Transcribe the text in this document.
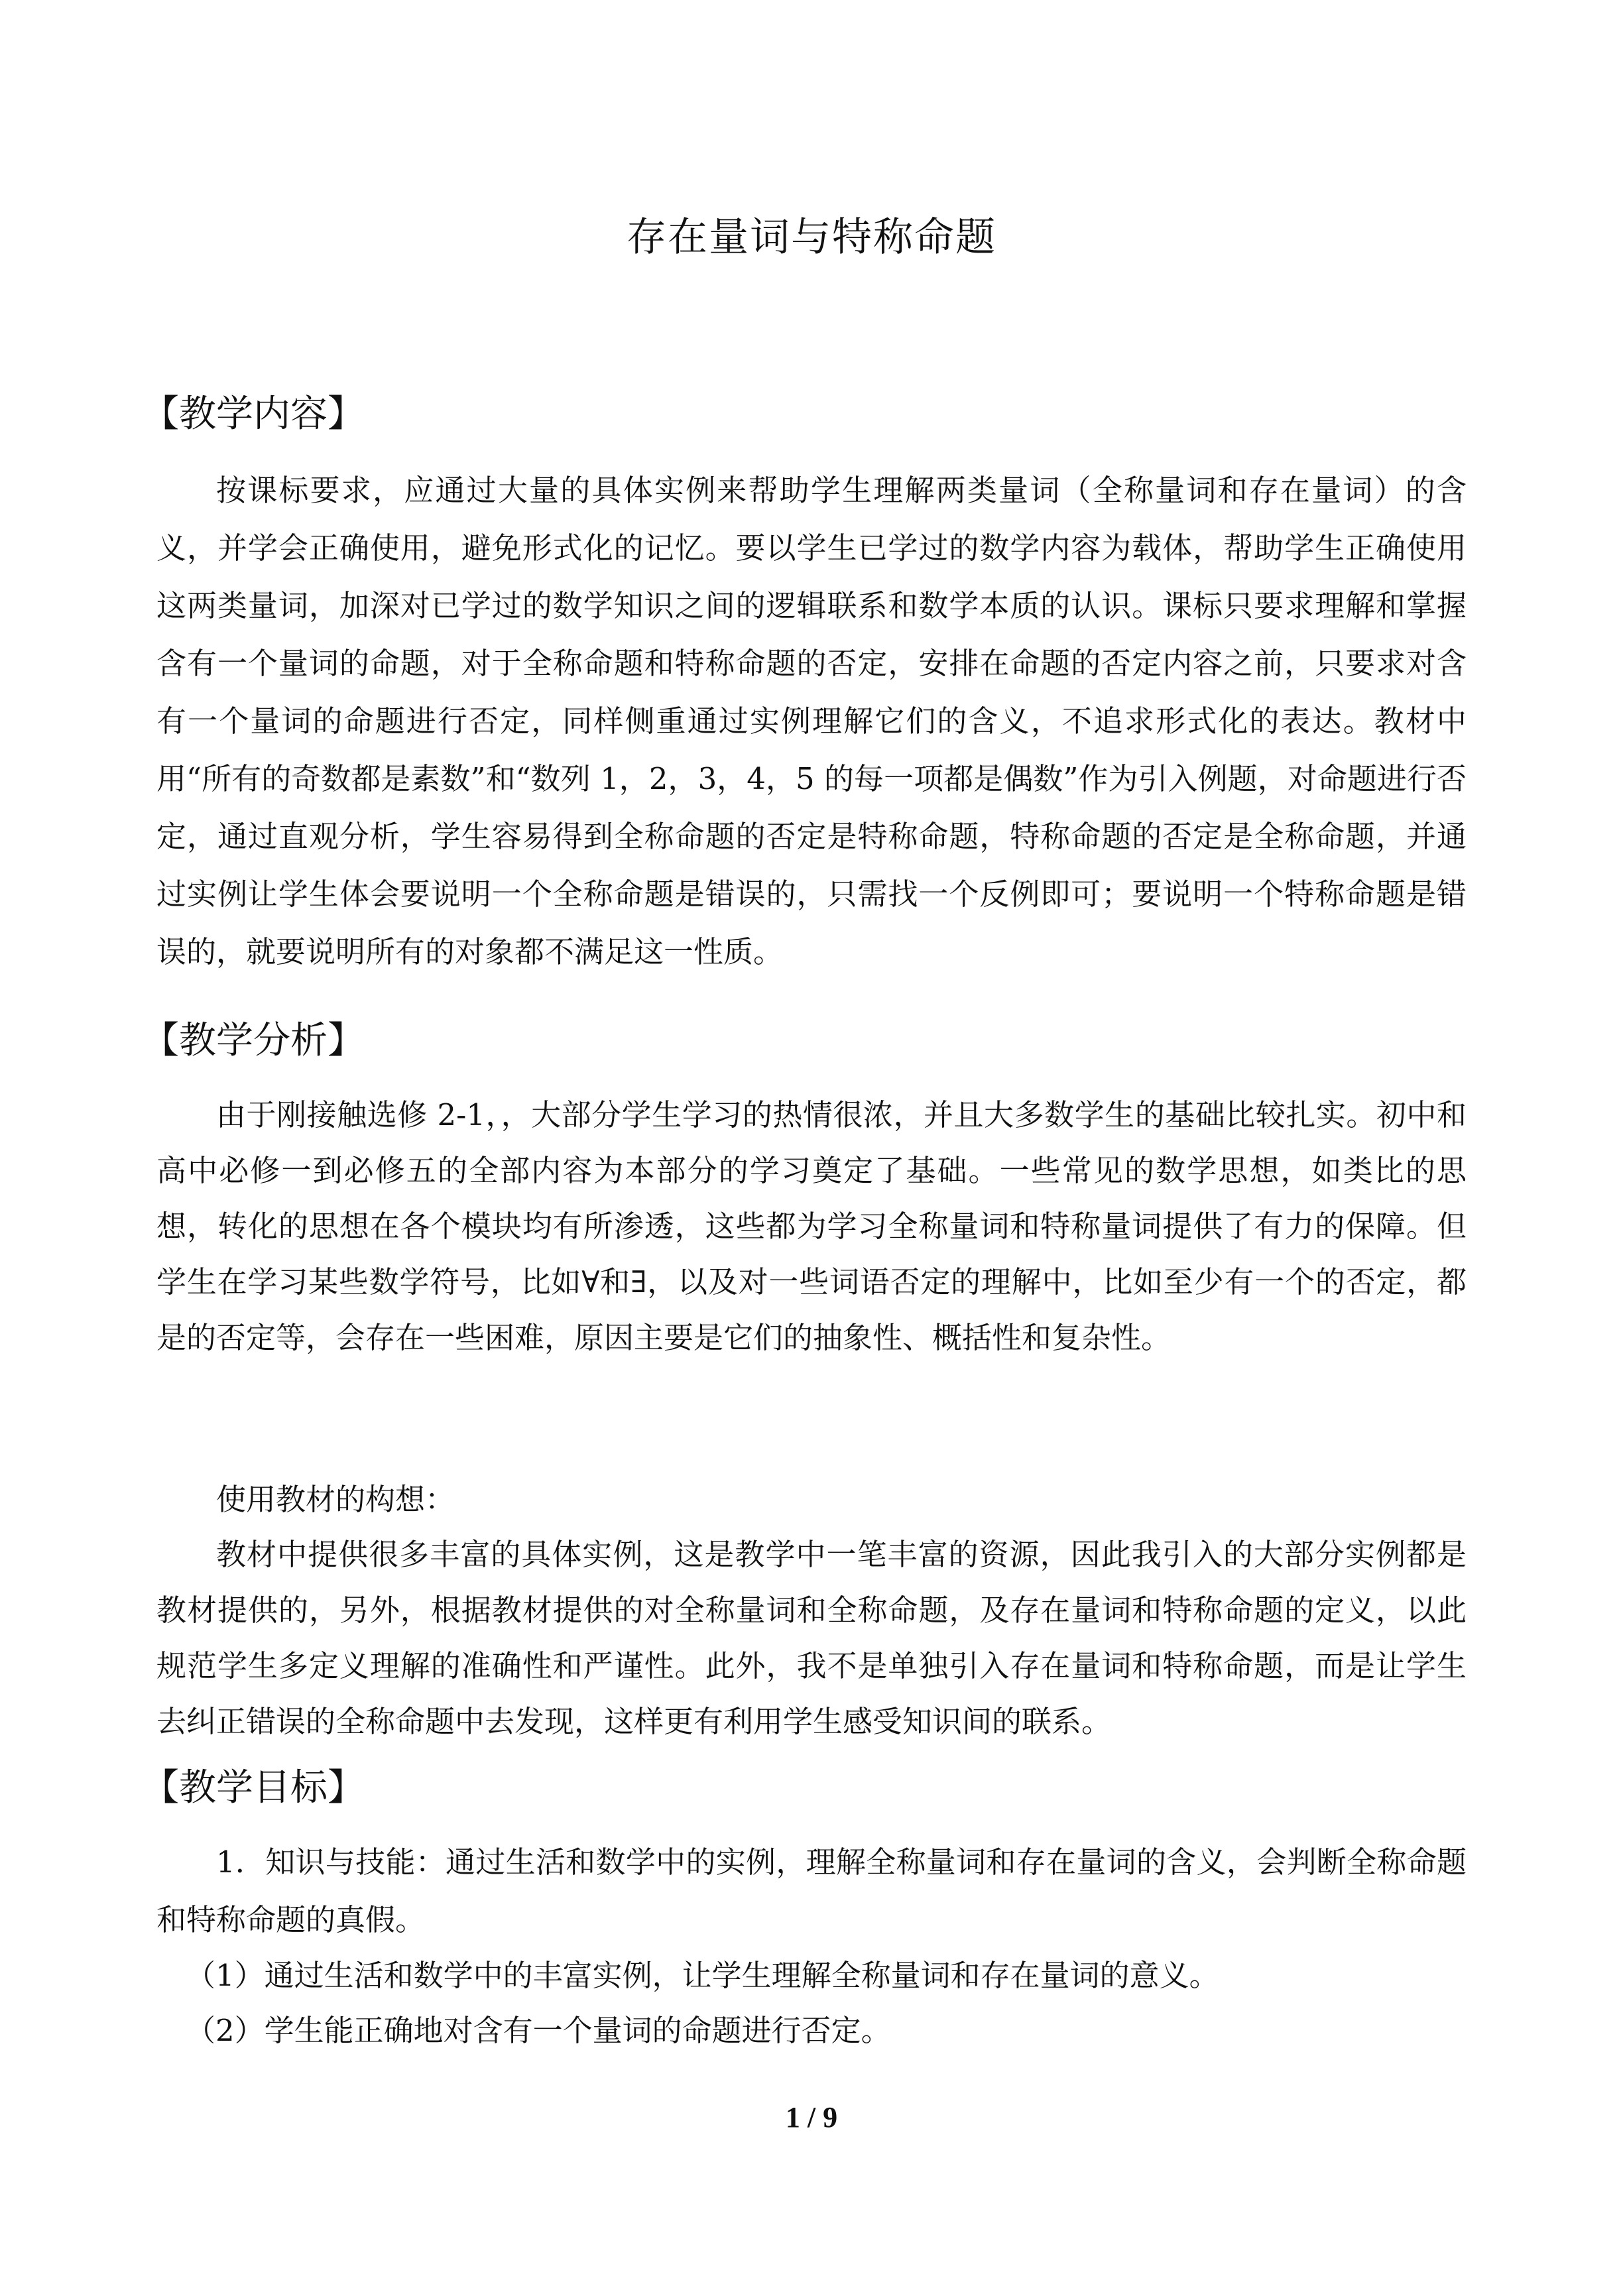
存在量词与特称命题
【教学内容】
按课标要求，应通过大量的具体实例来帮助学生理解两类量词（全称量词和存在量词）的含义，并学会正确使用，避免形式化的记忆。要以学生已学过的数学内容为载体，帮助学生正确使用这两类量词，加深对已学过的数学知识之间的逻辑联系和数学本质的认识。课标只要求理解和掌握含有一个量词的命题，对于全称命题和特称命题的否定，安排在命题的否定内容之前，只要求对含有一个量词的命题进行否定，同样侧重通过实例理解它们的含义，不追求形式化的表达。教材中用“所有的奇数都是素数”和“数列 1，2，3，4，5 的每一项都是偶数”作为引入例题，对命题进行否定，通过直观分析，学生容易得到全称命题的否定是特称命题，特称命题的否定是全称命题，并通过实例让学生体会要说明一个全称命题是错误的，只需找一个反例即可；要说明一个特称命题是错误的，就要说明所有的对象都不满足这一性质。
【教学分析】
由于刚接触选修 2-1，，大部分学生学习的热情很浓，并且大多数学生的基础比较扎实。初中和高中必修一到必修五的全部内容为本部分的学习奠定了基础。一些常见的数学思想，如类比的思想，转化的思想在各个模块均有所渗透，这些都为学习全称量词和特称量词提供了有力的保障。但学生在学习某些数学符号，比如∀和∃，以及对一些词语否定的理解中，比如至少有一个的否定，都是的否定等，会存在一些困难，原因主要是它们的抽象性、概括性和复杂性。
使用教材的构想：
教材中提供很多丰富的具体实例，这是教学中一笔丰富的资源，因此我引入的大部分实例都是教材提供的，另外，根据教材提供的对全称量词和全称命题，及存在量词和特称命题的定义，以此规范学生多定义理解的准确性和严谨性。此外，我不是单独引入存在量词和特称命题，而是让学生去纠正错误的全称命题中去发现，这样更有利用学生感受知识间的联系。
【教学目标】
1．知识与技能：通过生活和数学中的实例，理解全称量词和存在量词的含义，会判断全称命题和特称命题的真假。
（1）通过生活和数学中的丰富实例，让学生理解全称量词和存在量词的意义。
（2）学生能正确地对含有一个量词的命题进行否定。
1 / 9
